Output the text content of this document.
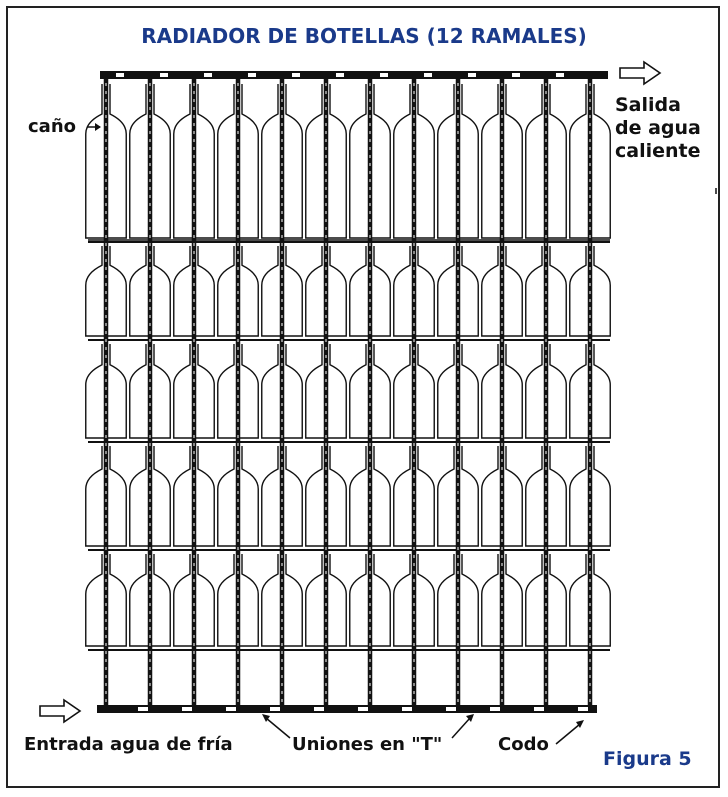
RADIADOR DE BOTELLAS (12 RAMALES)
caño
Salida
de agua
caliente
Entrada agua de fría	Uniones en "T"	Codo
Figura 5
